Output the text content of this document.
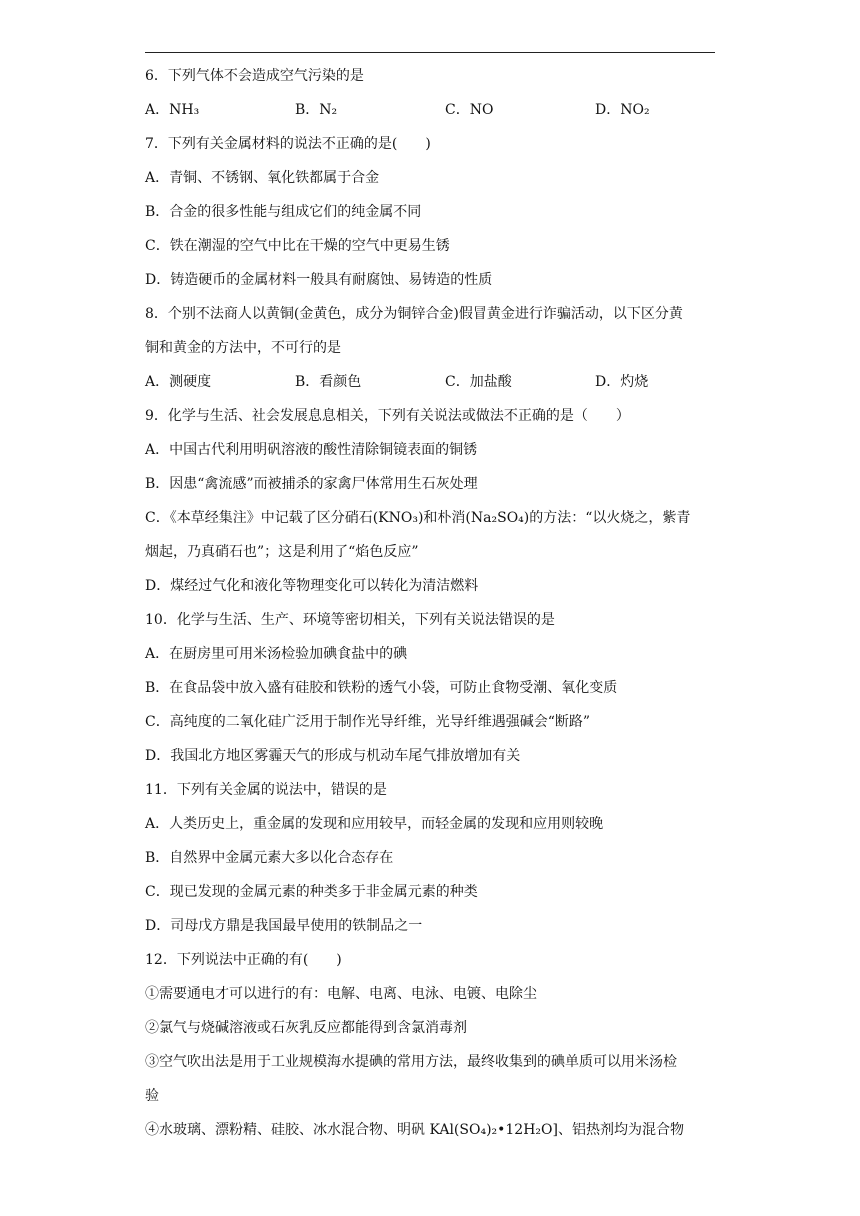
6．下列气体不会造成空气污染的是
A．NH₃	B．N₂	C．NO	D．NO₂
7．下列有关金属材料的说法不正确的是(　　)
A．青铜、不锈钢、氧化铁都属于合金
B．合金的很多性能与组成它们的纯金属不同
C．铁在潮湿的空气中比在干燥的空气中更易生锈
D．铸造硬币的金属材料一般具有耐腐蚀、易铸造的性质
8．个别不法商人以黄铜(金黄色，成分为铜锌合金)假冒黄金进行诈骗活动，以下区分黄
铜和黄金的方法中，不可行的是
A．测硬度	B．看颜色	C．加盐酸	D．灼烧
9．化学与生活、社会发展息息相关，下列有关说法或做法不正确的是（　　）
A．中国古代利用明矾溶液的酸性清除铜镜表面的铜锈
B．因患“禽流感”而被捕杀的家禽尸体常用生石灰处理
C．《本草经集注》中记载了区分硝石(KNO₃)和朴消(Na₂SO₄)的方法：“以火烧之，紫青
烟起，乃真硝石也”；这是利用了“焰色反应”
D．煤经过气化和液化等物理变化可以转化为清洁燃料
10．化学与生活、生产、环境等密切相关，下列有关说法错误的是
A．在厨房里可用米汤检验加碘食盐中的碘
B．在食品袋中放入盛有硅胶和铁粉的透气小袋，可防止食物受潮、氧化变质
C．高纯度的二氧化硅广泛用于制作光导纤维，光导纤维遇强碱会“断路”
D．我国北方地区雾霾天气的形成与机动车尾气排放增加有关
11．下列有关金属的说法中，错误的是
A．人类历史上，重金属的发现和应用较早，而轻金属的发现和应用则较晚
B．自然界中金属元素大多以化合态存在
C．现已发现的金属元素的种类多于非金属元素的种类
D．司母戊方鼎是我国最早使用的铁制品之一
12．下列说法中正确的有(　　)
①需要通电才可以进行的有：电解、电离、电泳、电镀、电除尘
②氯气与烧碱溶液或石灰乳反应都能得到含氯消毒剂
③空气吹出法是用于工业规模海水提碘的常用方法，最终收集到的碘单质可以用米汤检
验
④水玻璃、漂粉精、硅胶、冰水混合物、明矾 KAl(SO₄)₂•12H₂O]、铝热剂均为混合物
